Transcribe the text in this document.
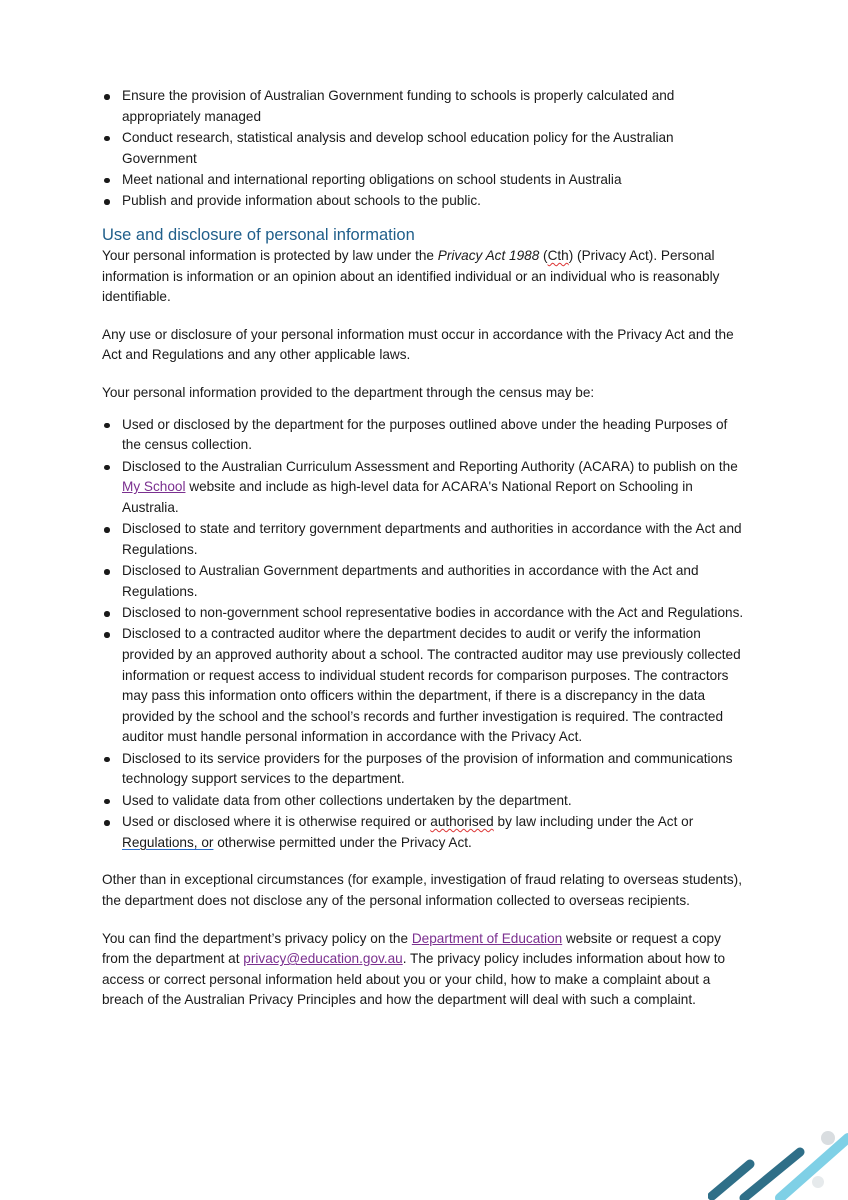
Ensure the provision of Australian Government funding to schools is properly calculated and appropriately managed
Conduct research, statistical analysis and develop school education policy for the Australian Government
Meet national and international reporting obligations on school students in Australia
Publish and provide information about schools to the public.
Use and disclosure of personal information

Your personal information is protected by law under the Privacy Act 1988 (Cth) (Privacy Act). Personal information is information or an opinion about an identified individual or an individual who is reasonably identifiable.

Any use or disclosure of your personal information must occur in accordance with the Privacy Act and the Act and Regulations and any other applicable laws.

Your personal information provided to the department through the census may be:

Used or disclosed by the department for the purposes outlined above under the heading Purposes of the census collection.
Disclosed to the Australian Curriculum Assessment and Reporting Authority (ACARA) to publish on the My School website and include as high-level data for ACARA's National Report on Schooling in Australia.
Disclosed to state and territory government departments and authorities in accordance with the Act and Regulations.
Disclosed to Australian Government departments and authorities in accordance with the Act and Regulations.
Disclosed to non-government school representative bodies in accordance with the Act and Regulations.
Disclosed to a contracted auditor where the department decides to audit or verify the information provided by an approved authority about a school. The contracted auditor may use previously collected information or request access to individual student records for comparison purposes. The contractors may pass this information onto officers within the department, if there is a discrepancy in the data provided by the school and the school’s records and further investigation is required. The contracted auditor must handle personal information in accordance with the Privacy Act.
Disclosed to its service providers for the purposes of the provision of information and communications technology support services to the department.
Used to validate data from other collections undertaken by the department.
Used or disclosed where it is otherwise required or authorised by law including under the Act or Regulations, or otherwise permitted under the Privacy Act.

Other than in exceptional circumstances (for example, investigation of fraud relating to overseas students), the department does not disclose any of the personal information collected to overseas recipients.

You can find the department’s privacy policy on the Department of Education website or request a copy from the department at privacy@education.gov.au. The privacy policy includes information about how to access or correct personal information held about you or your child, how to make a complaint about a breach of the Australian Privacy Principles and how the department will deal with such a complaint.
